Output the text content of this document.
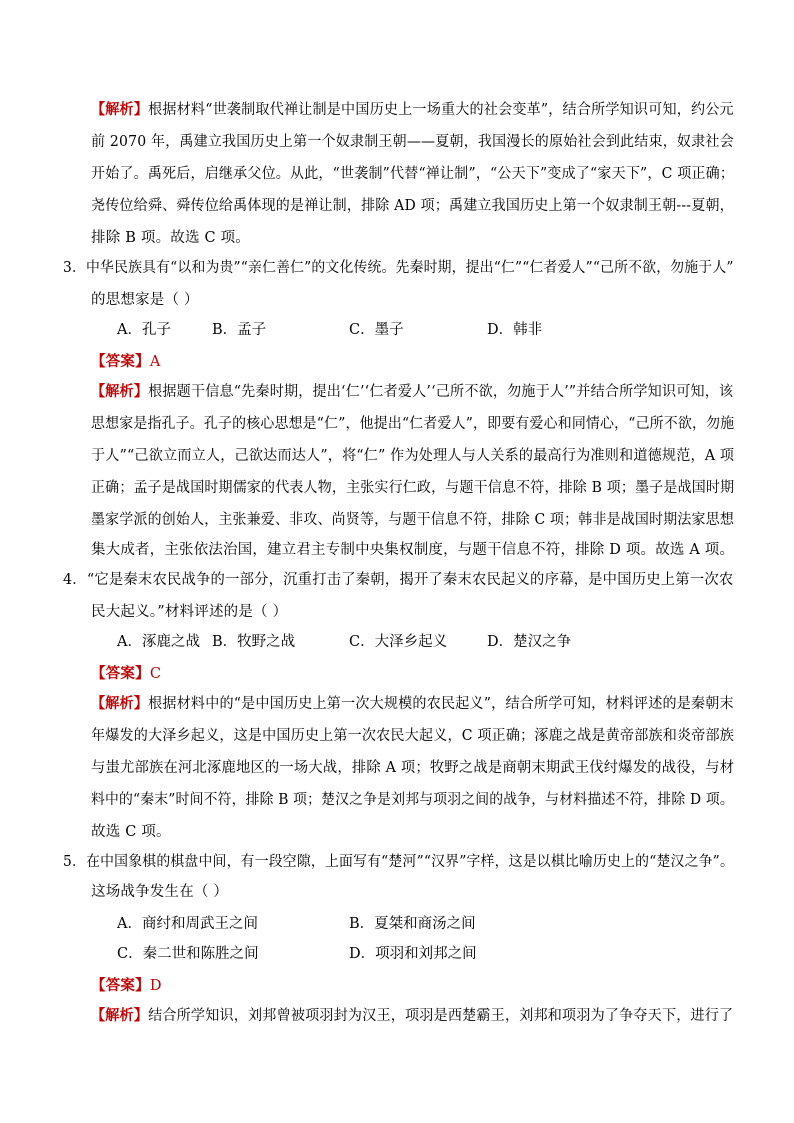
【解析】根据材料“世袭制取代禅让制是中国历史上一场重大的社会变革”，结合所学知识可知，约公元
前 2070 年，禹建立我国历史上第一个奴隶制王朝——夏朝，我国漫长的原始社会到此结束，奴隶社会
开始了。禹死后，启继承父位。从此，“世袭制”代替“禅让制”，“公天下”变成了“家天下”，C 项正确；
尧传位给舜、舜传位给禹体现的是禅让制，排除 AD 项；禹建立我国历史上第一个奴隶制王朝---夏朝，
排除 B 项。故选 C 项。
3．中华民族具有“以和为贵”“亲仁善仁”的文化传统。先秦时期，提出“仁”“仁者爱人”“己所不欲，勿施于人”
的思想家是（ ）
A．孔子	B．孟子	C．墨子	D．韩非
【答案】A
【解析】根据题干信息“先秦时期，提出‘仁’‘仁者爱人’‘己所不欲，勿施于人’”并结合所学知识可知，该
思想家是指孔子。孔子的核心思想是“仁”，他提出“仁者爱人”，即要有爱心和同情心，“己所不欲，勿施
于人”“己欲立而立人，己欲达而达人”，将“仁” 作为处理人与人关系的最高行为准则和道德规范，A 项
正确；孟子是战国时期儒家的代表人物，主张实行仁政，与题干信息不符，排除 B 项；墨子是战国时期
墨家学派的创始人，主张兼爱、非攻、尚贤等，与题干信息不符，排除 C 项；韩非是战国时期法家思想
集大成者，主张依法治国，建立君主专制中央集权制度，与题干信息不符，排除 D 项。故选 A 项。
4．“它是秦末农民战争的一部分，沉重打击了秦朝，揭开了秦末农民起义的序幕，是中国历史上第一次农
民大起义。”材料评述的是（ ）
A．涿鹿之战 B．牧野之战	C．大泽乡起义	D．楚汉之争
【答案】C
【解析】根据材料中的“是中国历史上第一次大规模的农民起义”，结合所学可知，材料评述的是秦朝末
年爆发的大泽乡起义，这是中国历史上第一次农民大起义，C 项正确；涿鹿之战是黄帝部族和炎帝部族
与蚩尤部族在河北涿鹿地区的一场大战，排除 A 项；牧野之战是商朝末期武王伐纣爆发的战役，与材
料中的“秦末”时间不符，排除 B 项；楚汉之争是刘邦与项羽之间的战争，与材料描述不符，排除 D 项。
故选 C 项。
5．在中国象棋的棋盘中间，有一段空隙，上面写有“楚河”“汉界”字样，这是以棋比喻历史上的“楚汉之争”。
这场战争发生在（ ）
A．商纣和周武王之间	B．夏桀和商汤之间
C．秦二世和陈胜之间	D．项羽和刘邦之间
【答案】D
【解析】结合所学知识，刘邦曾被项羽封为汉王，项羽是西楚霸王，刘邦和项羽为了争夺天下，进行了
